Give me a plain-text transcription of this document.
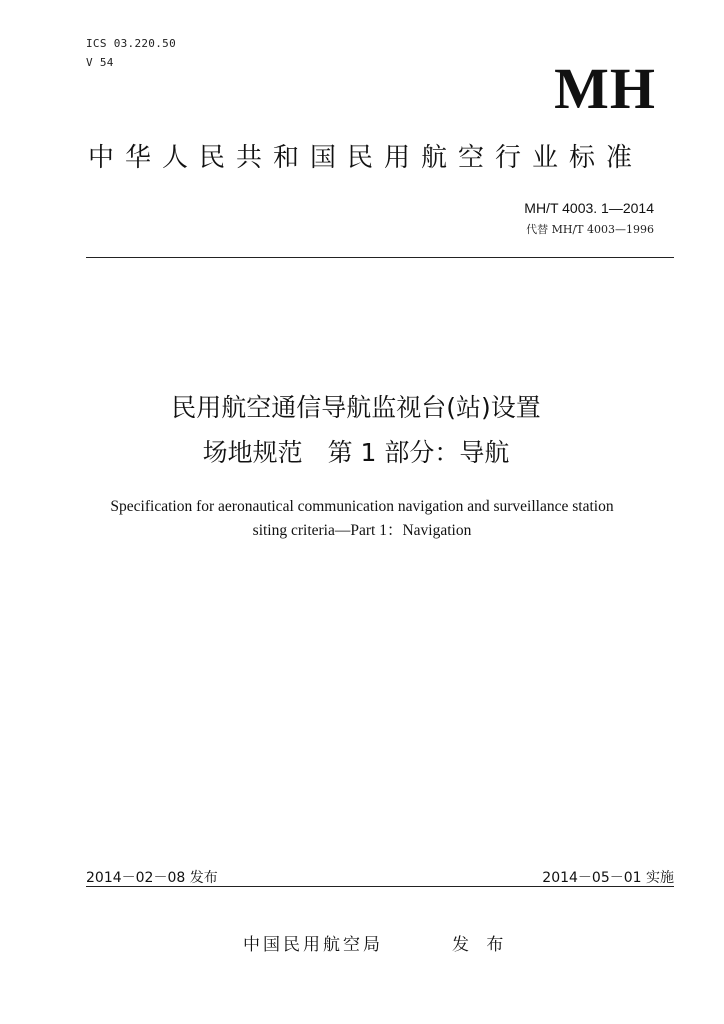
ICS 03.220.50
V 54	MH
中华人民共和国民用航空行业标准
MH/T 4003. 1—2014
代替 MH/T 4003—1996
民用航空通信导航监视台(站)设置
场地规范　第 1 部分：导航
Specification for aeronautical communication navigation and surveillance station
siting criteria—Part 1：Navigation
2014－02－08 发布	2014－05－01 实施
中国民用航空局	发 布
